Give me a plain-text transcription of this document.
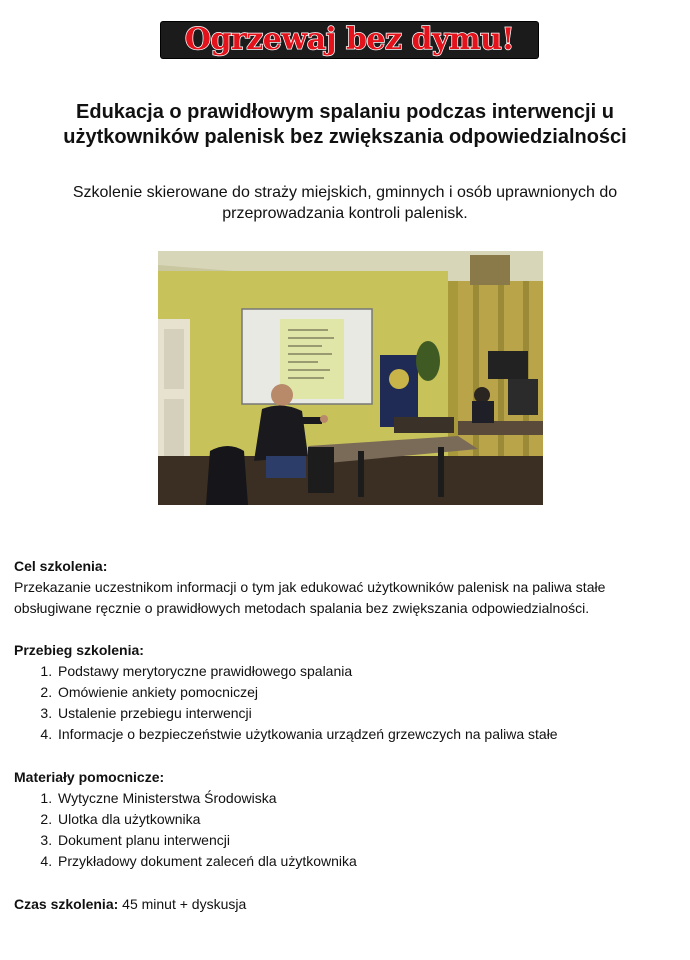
Ogrzewaj bez dymu!
Edukacja o prawidłowym spalaniu podczas interwencji u użytkowników palenisk bez zwiększania odpowiedzialności

Szkolenie skierowane do straży miejskich, gminnych i osób uprawnionych do przeprowadzania kontroli palenisk.

Cel szkolenia:

Przekazanie uczestnikom informacji o tym jak edukować użytkowników palenisk na paliwa stałe obsługiwane ręcznie o prawidłowych metodach spalania bez zwiększania odpowiedzialności.

Przebieg szkolenia:
1. Podstawy merytoryczne prawidłowego spalania
2. Omówienie ankiety pomocniczej
3. Ustalenie przebiegu interwencji
4. Informacje o bezpieczeństwie użytkowania urządzeń grzewczych na paliwa stałe
Materiały pomocnicze:
1. Wytyczne Ministerstwa Środowiska
2. Ulotka dla użytkownika
3. Dokument planu interwencji
4. Przykładowy dokument zaleceń dla użytkownika
Czas szkolenia: 45 minut + dyskusja
